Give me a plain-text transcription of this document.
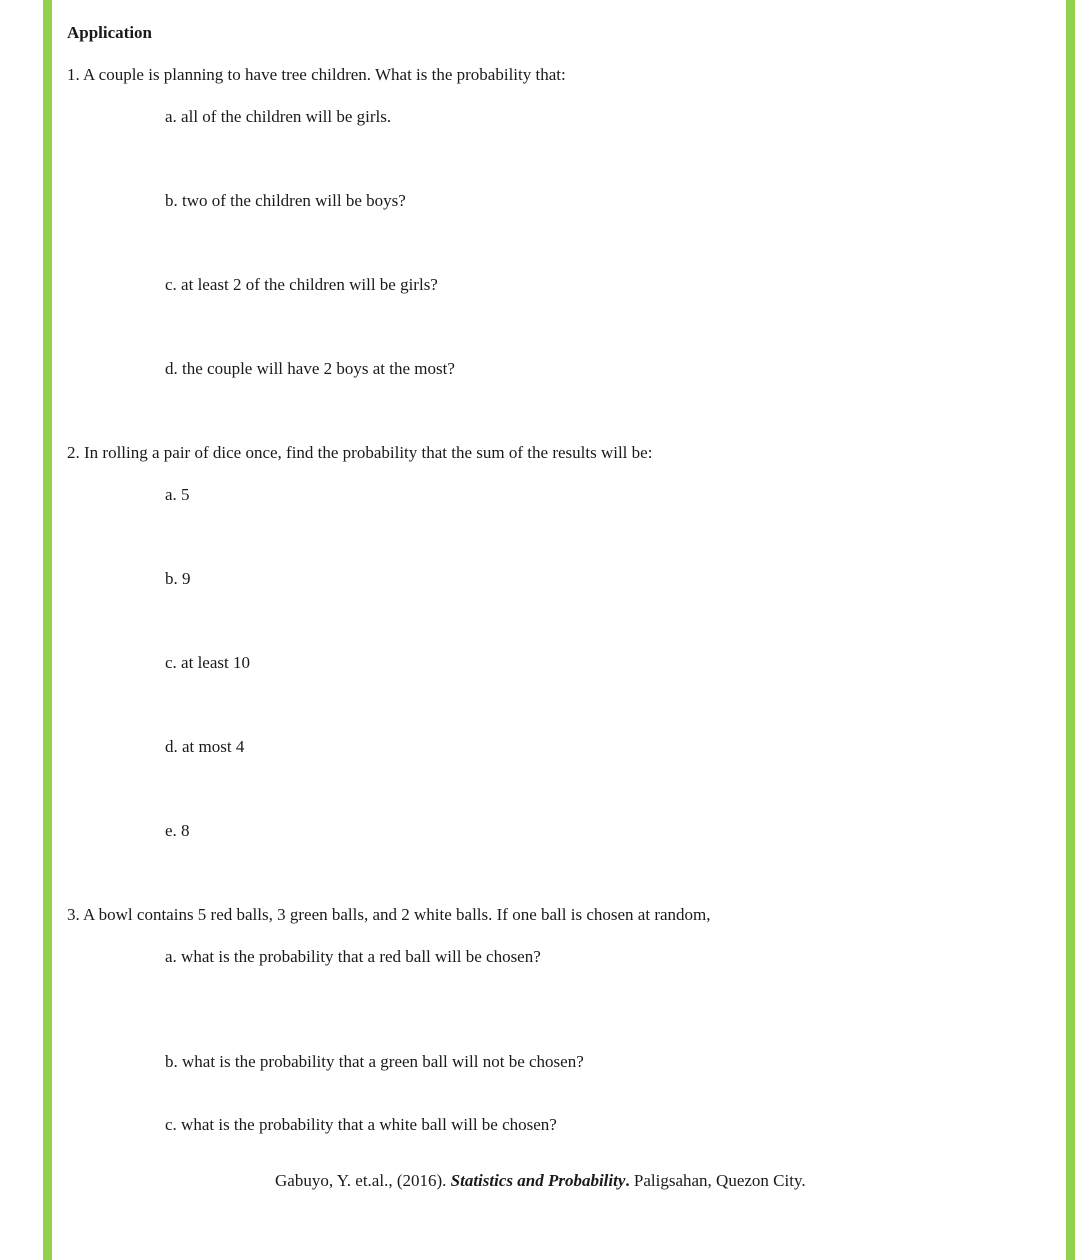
Application
1. A couple is planning to have tree children. What is the probability that:
a. all of the children will be girls.
b. two of the children will be boys?
c. at least 2 of the children will be girls?
d. the couple will have 2 boys at the most?
2. In rolling a pair of dice once, find the probability that the sum of the results will be:
a. 5
b. 9
c. at least 10
d. at most 4
e. 8
3. A bowl contains 5 red balls, 3 green balls, and 2 white balls. If one ball is chosen at random,
a. what is the probability that a red ball will be chosen?
b. what is the probability that a green ball will not be chosen?
c. what is the probability that a white ball will be chosen?
Gabuyo, Y. et.al., (2016). Statistics and Probability. Paligsahan, Quezon City.
